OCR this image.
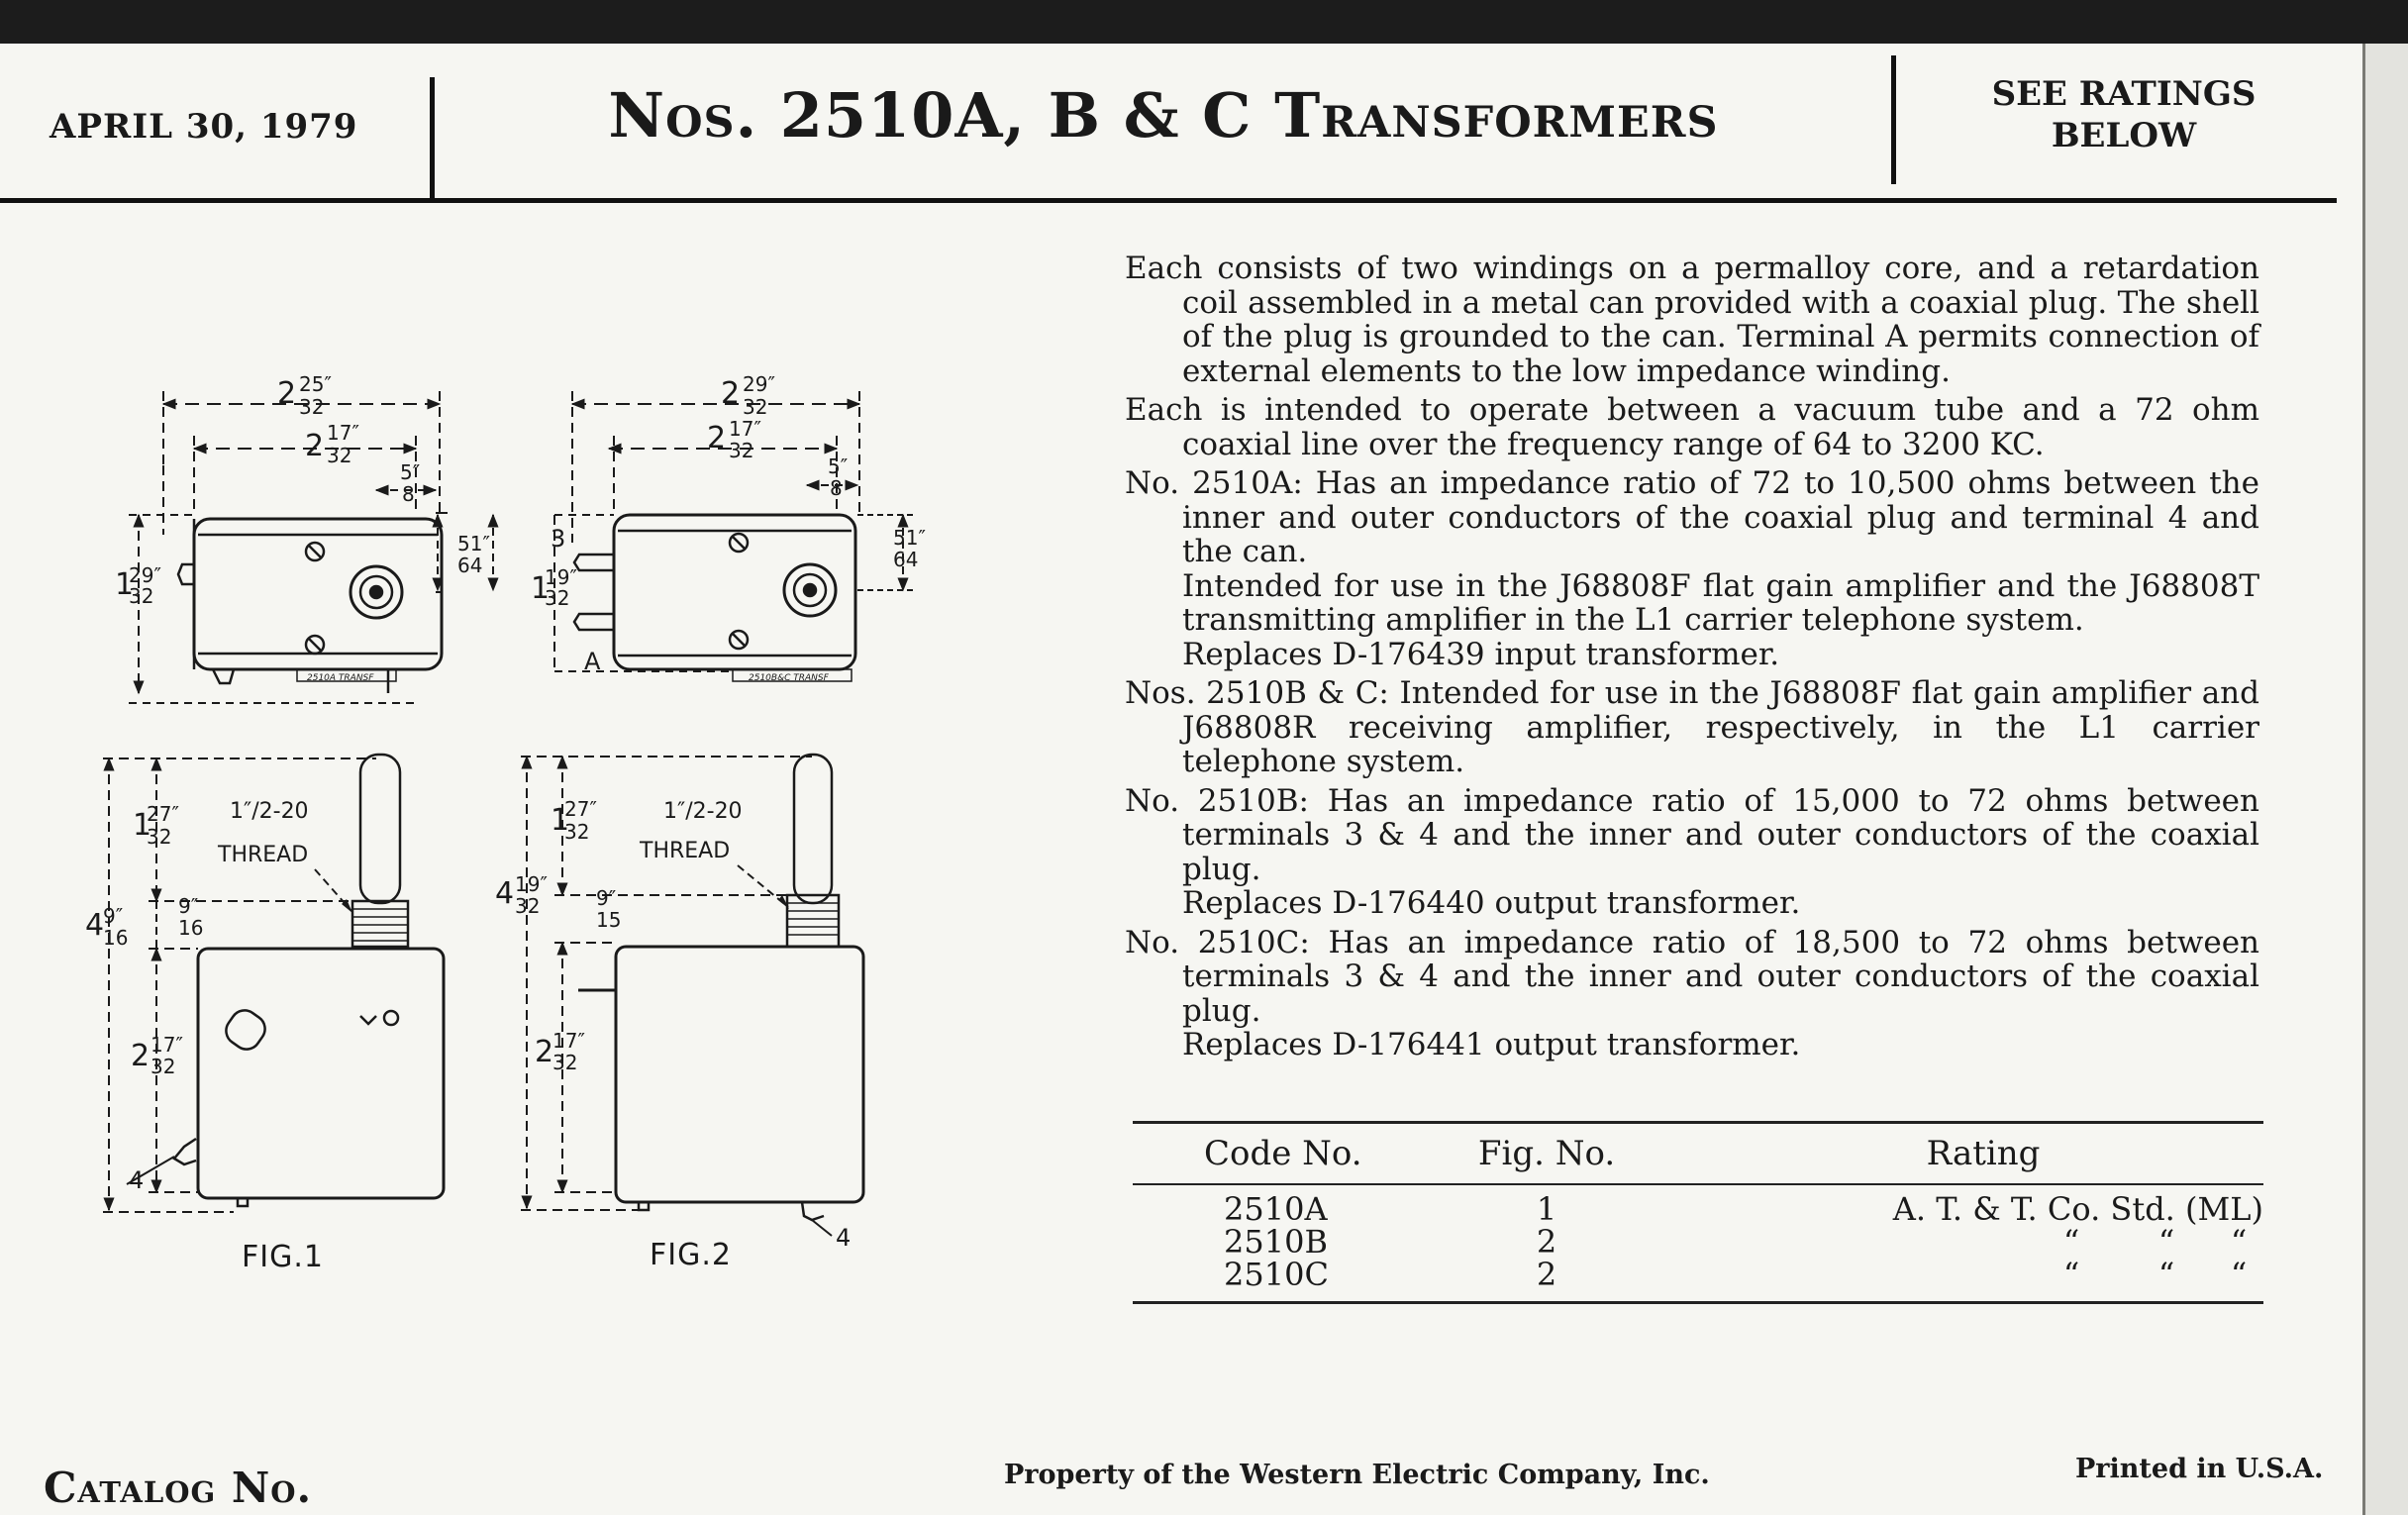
APRIL 30, 1979	Nos. 2510A, B & C Transformers	SEE RATINGS
BELOW
2 25″
32
2 17″
32
5″
8
51″
64
1
29″
32
2510A TRANSF
2 29″
32
2 17″
32
5″
8
51″
64
3
1
19″
32
A
2510B&C TRANSF
1
27″
32
1″/2-20
THREAD
9″
16
4
9″
16
2 17″
32
4
1
27″
32
1″/2-20
THREAD
4 19″
32	9″
15
2
17″
32
4
FIG.1	FIG.2

Each consists of two windings on a permalloy core, and a retardation coil assembled in a metal can provided with a coaxial plug. The shell of the plug is grounded to the can. Terminal A permits connection of external elements to the low impedance winding.

Each is intended to operate between a vacuum tube and a 72 ohm coaxial line over the frequency range of 64 to 3200 KC.

No. 2510A: Has an impedance ratio of 72 to 10,500 ohms between the inner and outer conductors of the coaxial plug and terminal 4 and the can.

Intended for use in the J68808F flat gain amplifier and the J68808T transmitting amplifier in the L1 carrier telephone system.

Replaces D-176439 input transformer.

Nos. 2510B & C: Intended for use in the J68808F flat gain amplifier and J68808R receiving amplifier, respectively, in the L1 carrier telephone system.

No. 2510B: Has an impedance ratio of 15,000 to 72 ohms between terminals 3 & 4 and the inner and outer conductors of the coaxial plug.

Replaces D-176440 output transformer.

No. 2510C: Has an impedance ratio of 18,500 to 72 ohms between terminals 3 & 4 and the inner and outer conductors of the coaxial plug.

Replaces D-176441 output transformer.

Code No.	Fig. No.	Rating
2510A	1	A. T. & T. Co. Std. (ML)
2510B	2	“ “ “
2510C	2	“ “ “
Catalog No.	Property of the Western Electric Company, Inc.	Printed in U.S.A.
